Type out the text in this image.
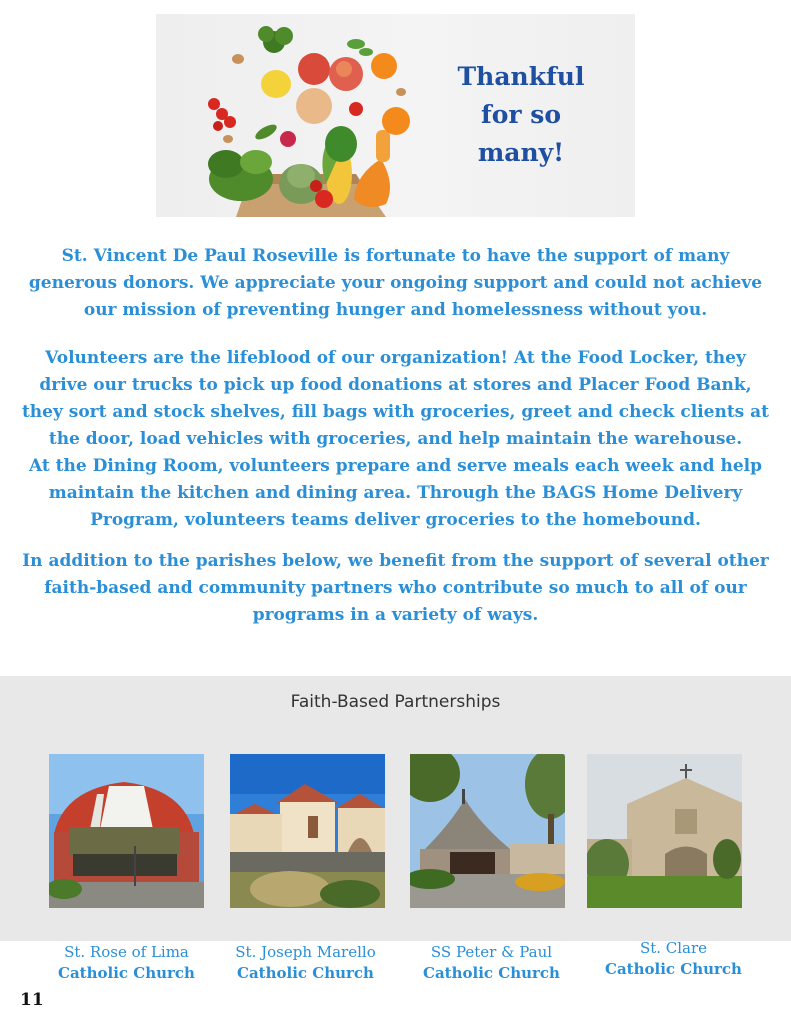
Thankful
for so
many!

St. Vincent De Paul Roseville is fortunate to have the support of many generous donors. We appreciate your ongoing support and could not achieve our mission of preventing hunger and homelessness without you.

Volunteers are the lifeblood of our organization! At the Food Locker, they drive our trucks to pick up food donations at stores and Placer Food Bank, they sort and stock shelves, fill bags with groceries, greet and check clients at the door, load vehicles with groceries, and help maintain the warehouse.
At the Dining Room, volunteers prepare and serve meals each week and help maintain the kitchen and dining area. Through the BAGS Home Delivery Program, volunteers teams deliver groceries to the homebound.

In addition to the parishes below, we benefit from the support of several other faith-based and community partners who contribute so much to all of our programs in a variety of ways.

Faith-Based Partnerships
St. Rose of Lima
Catholic Church
St. Joseph Marello
Catholic Church
SS Peter & Paul
Catholic Church
St. Clare
Catholic Church
11
